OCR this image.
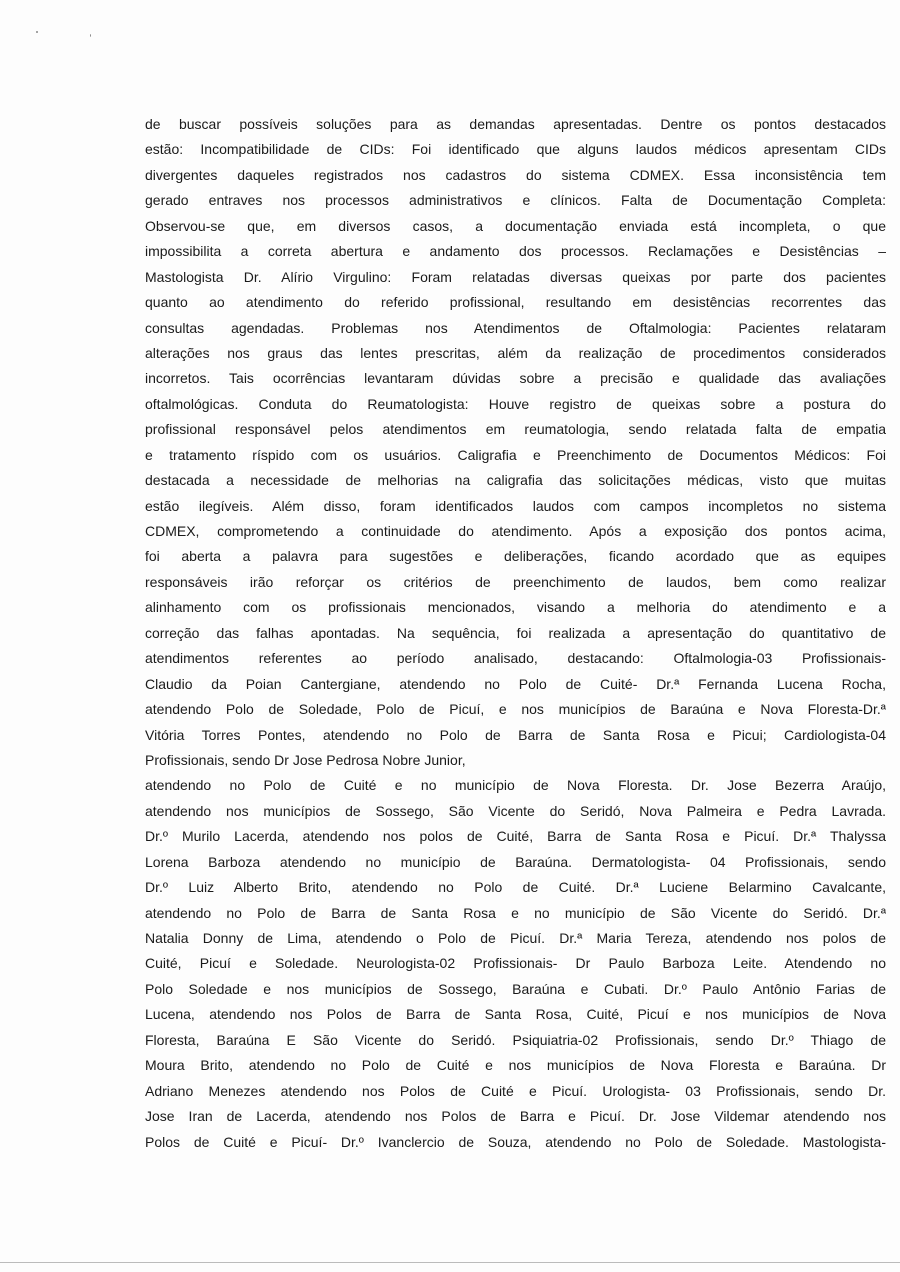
de buscar possíveis soluções para as demandas apresentadas. Dentre os pontos destacados
estão: Incompatibilidade de CIDs: Foi identificado que alguns laudos médicos apresentam CIDs
divergentes daqueles registrados nos cadastros do sistema CDMEX. Essa inconsistência tem
gerado entraves nos processos administrativos e clínicos. Falta de Documentação Completa:
Observou-se que, em diversos casos, a documentação enviada está incompleta, o que
impossibilita a correta abertura e andamento dos processos. Reclamações e Desistências –
Mastologista Dr. Alírio Virgulino: Foram relatadas diversas queixas por parte dos pacientes
quanto ao atendimento do referido profissional, resultando em desistências recorrentes das
consultas agendadas. Problemas nos Atendimentos de Oftalmologia: Pacientes relataram
alterações nos graus das lentes prescritas, além da realização de procedimentos considerados
incorretos. Tais ocorrências levantaram dúvidas sobre a precisão e qualidade das avaliações
oftalmológicas. Conduta do Reumatologista: Houve registro de queixas sobre a postura do
profissional responsável pelos atendimentos em reumatologia, sendo relatada falta de empatia
e tratamento ríspido com os usuários. Caligrafia e Preenchimento de Documentos Médicos: Foi
destacada a necessidade de melhorias na caligrafia das solicitações médicas, visto que muitas
estão ilegíveis. Além disso, foram identificados laudos com campos incompletos no sistema
CDMEX, comprometendo a continuidade do atendimento. Após a exposição dos pontos acima,
foi aberta a palavra para sugestões e deliberações, ficando acordado que as equipes
responsáveis irão reforçar os critérios de preenchimento de laudos, bem como realizar
alinhamento com os profissionais mencionados, visando a melhoria do atendimento e a
correção das falhas apontadas. Na sequência, foi realizada a apresentação do quantitativo de
atendimentos referentes ao período analisado, destacando: Oftalmologia-03 Profissionais-
Claudio da Poian Cantergiane, atendendo no Polo de Cuité- Dr.ª Fernanda Lucena Rocha,
atendendo Polo de Soledade, Polo de Picuí, e nos municípios de Baraúna e Nova Floresta-Dr.ª
Vitória Torres Pontes, atendendo no Polo de Barra de Santa Rosa e Picui; Cardiologista-04
Profissionais, sendo Dr Jose Pedrosa Nobre Junior,
atendendo no Polo de Cuité e no município de Nova Floresta. Dr. Jose Bezerra Araújo,
atendendo nos municípios de Sossego, São Vicente do Seridó, Nova Palmeira e Pedra Lavrada.
Dr.º Murilo Lacerda, atendendo nos polos de Cuité, Barra de Santa Rosa e Picuí. Dr.ª Thalyssa
Lorena Barboza atendendo no município de Baraúna. Dermatologista- 04 Profissionais, sendo
Dr.º Luiz Alberto Brito, atendendo no Polo de Cuité. Dr.ª Luciene Belarmino Cavalcante,
atendendo no Polo de Barra de Santa Rosa e no município de São Vicente do Seridó. Dr.ª
Natalia Donny de Lima, atendendo o Polo de Picuí. Dr.ª Maria Tereza, atendendo nos polos de
Cuité, Picuí e Soledade. Neurologista-02 Profissionais- Dr Paulo Barboza Leite. Atendendo no
Polo Soledade e nos municípios de Sossego, Baraúna e Cubati. Dr.º Paulo Antônio Farias de
Lucena, atendendo nos Polos de Barra de Santa Rosa, Cuité, Picuí e nos municípios de Nova
Floresta, Baraúna E São Vicente do Seridó. Psiquiatria-02 Profissionais, sendo Dr.º Thiago de
Moura Brito, atendendo no Polo de Cuité e nos municípios de Nova Floresta e Baraúna. Dr
Adriano Menezes atendendo nos Polos de Cuité e Picuí. Urologista- 03 Profissionais, sendo Dr.
Jose Iran de Lacerda, atendendo nos Polos de Barra e Picuí. Dr. Jose Vildemar atendendo nos
Polos de Cuité e Picuí- Dr.º Ivanclercio de Souza, atendendo no Polo de Soledade. Mastologista-
